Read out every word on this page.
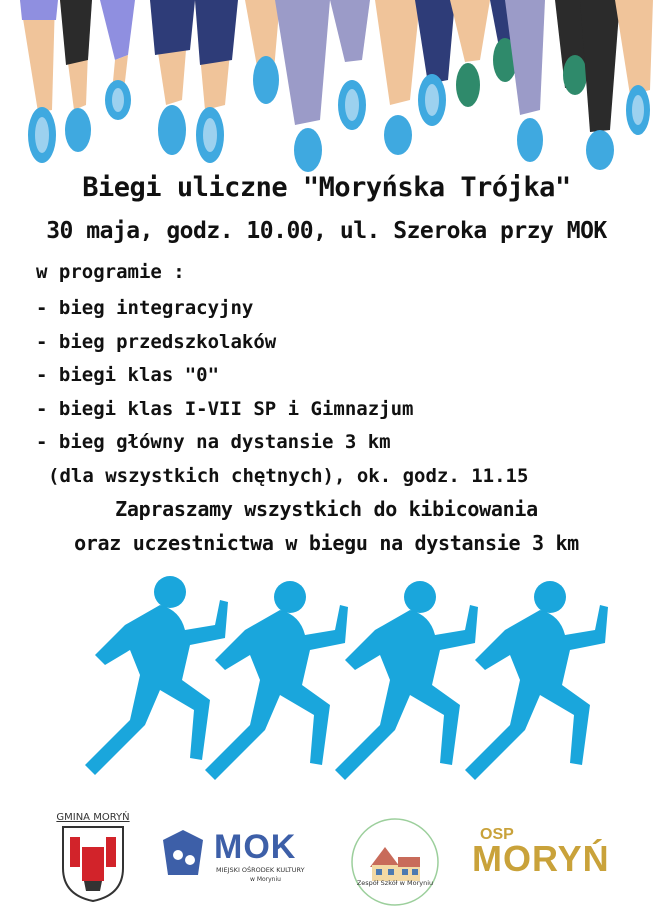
Biegi uliczne "Moryńska Trójka"
30 maja, godz. 10.00, ul. Szeroka przy MOK

w programie :

- bieg integracyjny
- bieg przedszkolaków
- biegi klas "0"
- biegi klas I-VII SP i Gimnazjum
- bieg główny na dystansie 3 km
(dla wszystkich chętnych), ok. godz. 11.15
Zapraszamy wszystkich do kibicowania
oraz uczestnictwa w biegu na dystansie 3 km
GMINA MORYŃ
MOK
MIEJSKI OŚRODEK KULTURY
w Moryniu	Zespół Szkół w Moryniu
OSP
MORYŃ
